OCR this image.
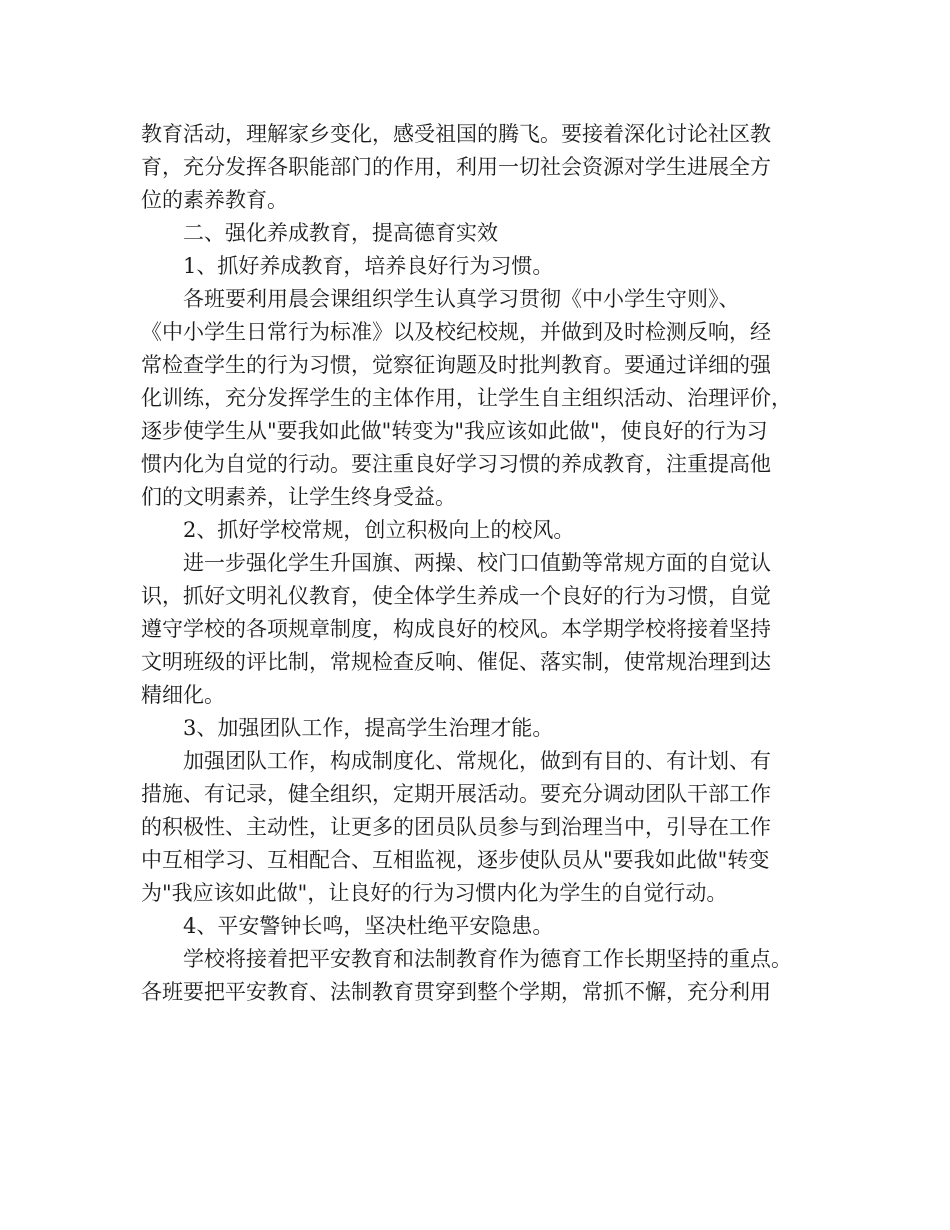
教育活动，理解家乡变化，感受祖国的腾飞。要接着深化讨论社区教
育，充分发挥各职能部门的作用，利用一切社会资源对学生进展全方
位的素养教育。

二、强化养成教育，提高德育实效

1、抓好养成教育，培养良好行为习惯。

各班要利用晨会课组织学生认真学习贯彻《中小学生守则》、
《中小学生日常行为标准》以及校纪校规，并做到及时检测反响，经
常检查学生的行为习惯，觉察征询题及时批判教育。要通过详细的强
化训练，充分发挥学生的主体作用，让学生自主组织活动、治理评价，
逐步使学生从"要我如此做"转变为"我应该如此做"，使良好的行为习
惯内化为自觉的行动。要注重良好学习习惯的养成教育，注重提高他
们的文明素养，让学生终身受益。

2、抓好学校常规，创立积极向上的校风。

进一步强化学生升国旗、两操、校门口值勤等常规方面的自觉认
识，抓好文明礼仪教育，使全体学生养成一个良好的行为习惯，自觉
遵守学校的各项规章制度，构成良好的校风。本学期学校将接着坚持
文明班级的评比制，常规检查反响、催促、落实制，使常规治理到达
精细化。

3、加强团队工作，提高学生治理才能。

加强团队工作，构成制度化、常规化，做到有目的、有计划、有
措施、有记录，健全组织，定期开展活动。要充分调动团队干部工作
的积极性、主动性，让更多的团员队员参与到治理当中，引导在工作
中互相学习、互相配合、互相监视，逐步使队员从"要我如此做"转变
为"我应该如此做"，让良好的行为习惯内化为学生的自觉行动。

4、平安警钟长鸣，坚决杜绝平安隐患。

学校将接着把平安教育和法制教育作为德育工作长期坚持的重点。
各班要把平安教育、法制教育贯穿到整个学期，常抓不懈，充分利用
